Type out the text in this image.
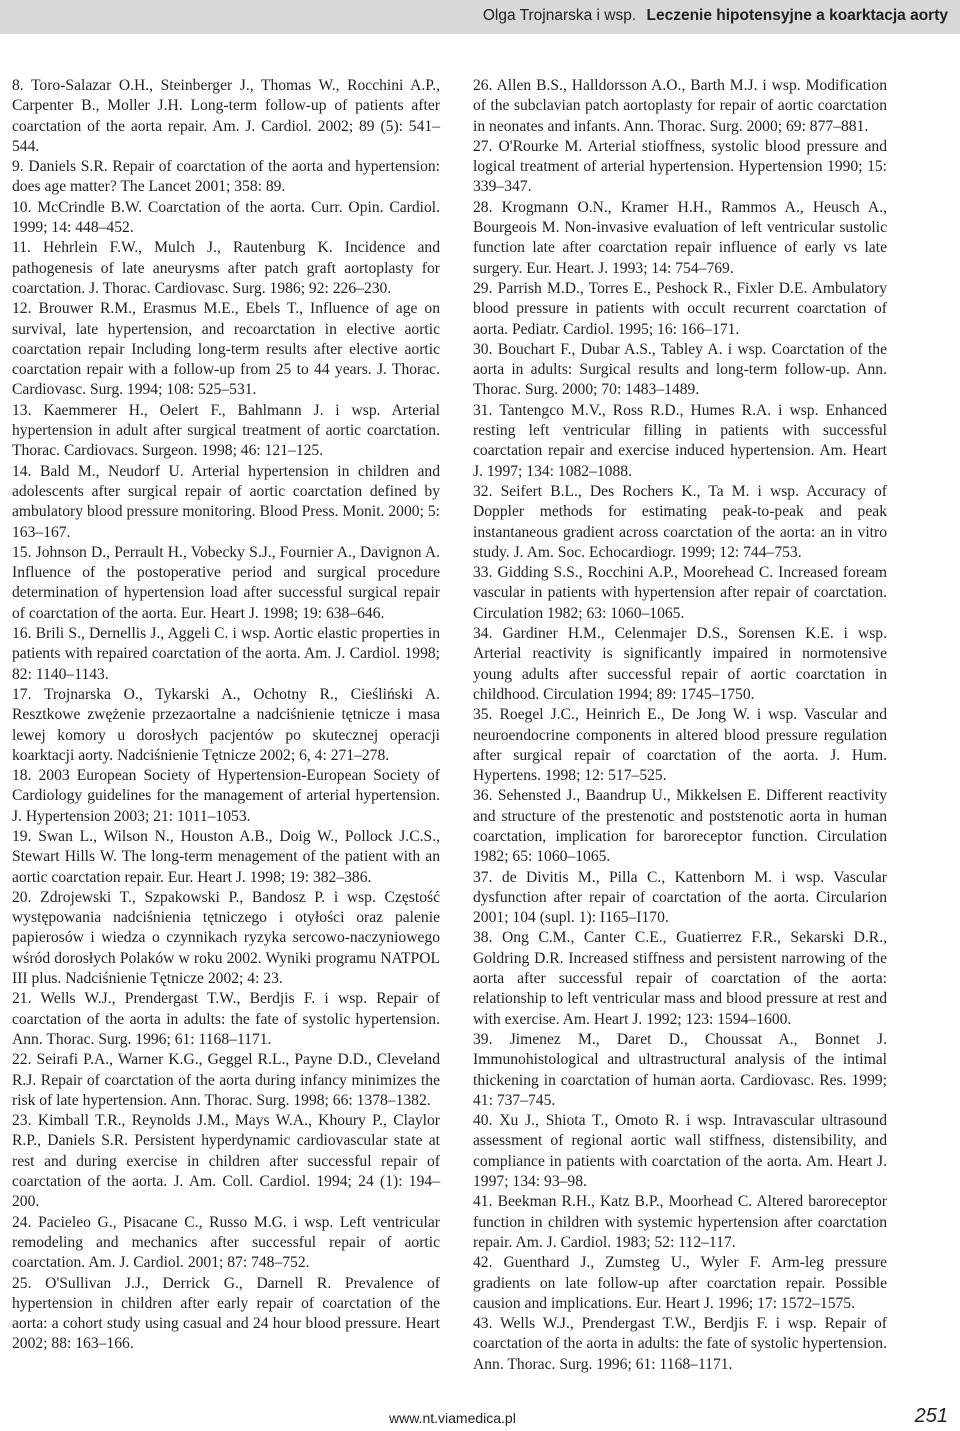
Olga Trojnarska i wsp. Leczenie hipotensyjne a koarktacja aorty

8. Toro-Salazar O.H., Steinberger J., Thomas W., Rocchini A.P., Carpenter B., Moller J.H. Long-term follow-up of patients after coarctation of the aorta repair. Am. J. Cardiol. 2002; 89 (5): 541–544.

9. Daniels S.R. Repair of coarctation of the aorta and hypertension: does age matter? The Lancet 2001; 358: 89.

10. McCrindle B.W. Coarctation of the aorta. Curr. Opin. Cardiol. 1999; 14: 448–452.

11. Hehrlein F.W., Mulch J., Rautenburg K. Incidence and pathogenesis of late aneurysms after patch graft aortoplasty for coarctation. J. Thorac. Cardiovasc. Surg. 1986; 92: 226–230.

12. Brouwer R.M., Erasmus M.E., Ebels T., Influence of age on survival, late hypertension, and recoarctation in elective aortic coarctation repair Including long-term results after elective aortic coarctation repair with a follow-up from 25 to 44 years. J. Thorac. Cardiovasc. Surg. 1994; 108: 525–531.

13. Kaemmerer H., Oelert F., Bahlmann J. i wsp. Arterial hypertension in adult after surgical treatment of aortic coarctation. Thorac. Cardiovacs. Surgeon. 1998; 46: 121–125.

14. Bald M., Neudorf U. Arterial hypertension in children and adolescents after surgical repair of aortic coarctation defined by ambulatory blood pressure monitoring. Blood Press. Monit. 2000; 5: 163–167.

15. Johnson D., Perrault H., Vobecky S.J., Fournier A., Davignon A. Influence of the postoperative period and surgical procedure determination of hypertension load after successful surgical repair of coarctation of the aorta. Eur. Heart J. 1998; 19: 638–646.

16. Brili S., Dernellis J., Aggeli C. i wsp. Aortic elastic properties in patients with repaired coarctation of the aorta. Am. J. Cardiol. 1998; 82: 1140–1143.

17. Trojnarska O., Tykarski A., Ochotny R., Cieśliński A. Resztkowe zwężenie przezaortalne a nadciśnienie tętnicze i masa lewej komory u dorosłych pacjentów po skutecznej operacji koarktacji aorty. Nadciśnienie Tętnicze 2002; 6, 4: 271–278.

18. 2003 European Society of Hypertension-European Society of Cardiology guidelines for the management of arterial hypertension. J. Hypertension 2003; 21: 1011–1053.

19. Swan L., Wilson N., Houston A.B., Doig W., Pollock J.C.S., Stewart Hills W. The long-term menagement of the patient with an aortic coarctation repair. Eur. Heart J. 1998; 19: 382–386.

20. Zdrojewski T., Szpakowski P., Bandosz P. i wsp. Częstość występowania nadciśnienia tętniczego i otyłości oraz palenie papierosów i wiedza o czynnikach ryzyka sercowo-naczyniowego wśród dorosłych Polaków w roku 2002. Wyniki programu NATPOL III plus. Nadciśnienie Tętnicze 2002; 4: 23.

21. Wells W.J., Prendergast T.W., Berdjis F. i wsp. Repair of coarctation of the aorta in adults: the fate of systolic hypertension. Ann. Thorac. Surg. 1996; 61: 1168–1171.

22. Seirafi P.A., Warner K.G., Geggel R.L., Payne D.D., Cleveland R.J. Repair of coarctation of the aorta during infancy minimizes the risk of late hypertension. Ann. Thorac. Surg. 1998; 66: 1378–1382.

23. Kimball T.R., Reynolds J.M., Mays W.A., Khoury P., Claylor R.P., Daniels S.R. Persistent hyperdynamic cardiovascular state at rest and during exercise in children after successful repair of coarctation of the aorta. J. Am. Coll. Cardiol. 1994; 24 (1): 194–200.

24. Pacieleo G., Pisacane C., Russo M.G. i wsp. Left ventricular remodeling and mechanics after successful repair of aortic coarctation. Am. J. Cardiol. 2001; 87: 748–752.

25. O'Sullivan J.J., Derrick G., Darnell R. Prevalence of hypertension in children after early repair of coarctation of the aorta: a cohort study using casual and 24 hour blood pressure. Heart 2002; 88: 163–166.

26. Allen B.S., Halldorsson A.O., Barth M.J. i wsp. Modification of the subclavian patch aortoplasty for repair of aortic coarctation in neonates and infants. Ann. Thorac. Surg. 2000; 69: 877–881.

27. O'Rourke M. Arterial stioffness, systolic blood pressure and logical treatment of arterial hypertension. Hypertension 1990; 15: 339–347.

28. Krogmann O.N., Kramer H.H., Rammos A., Heusch A., Bourgeois M. Non-invasive evaluation of left ventricular sustolic function late after coarctation repair influence of early vs late surgery. Eur. Heart. J. 1993; 14: 754–769.

29. Parrish M.D., Torres E., Peshock R., Fixler D.E. Ambulatory blood pressure in patients with occult recurrent coarctation of aorta. Pediatr. Cardiol. 1995; 16: 166–171.

30. Bouchart F., Dubar A.S., Tabley A. i wsp. Coarctation of the aorta in adults: Surgical results and long-term follow-up. Ann. Thorac. Surg. 2000; 70: 1483–1489.

31. Tantengco M.V., Ross R.D., Humes R.A. i wsp. Enhanced resting left ventricular filling in patients with successful coarctation repair and exercise induced hypertension. Am. Heart J. 1997; 134: 1082–1088.

32. Seifert B.L., Des Rochers K., Ta M. i wsp. Accuracy of Doppler methods for estimating peak-to-peak and peak instantaneous gradient across coarctation of the aorta: an in vitro study. J. Am. Soc. Echocardiogr. 1999; 12: 744–753.

33. Gidding S.S., Rocchini A.P., Moorehead C. Increased foream vascular in patients with hypertension after repair of coarctation. Circulation 1982; 63: 1060–1065.

34. Gardiner H.M., Celenmajer D.S., Sorensen K.E. i wsp. Arterial reactivity is significantly impaired in normotensive young adults after successful repair of aortic coarctation in childhood. Circulation 1994; 89: 1745–1750.

35. Roegel J.C., Heinrich E., De Jong W. i wsp. Vascular and neuroendocrine components in altered blood pressure regulation after surgical repair of coarctation of the aorta. J. Hum. Hypertens. 1998; 12: 517–525.

36. Sehensted J., Baandrup U., Mikkelsen E. Different reactivity and structure of the prestenotic and poststenotic aorta in human coarctation, implication for baroreceptor function. Circulation 1982; 65: 1060–1065.

37. de Divitis M., Pilla C., Kattenborn M. i wsp. Vascular dysfunction after repair of coarctation of the aorta. Circularion 2001; 104 (supl. 1): I165–I170.

38. Ong C.M., Canter C.E., Guatierrez F.R., Sekarski D.R., Goldring D.R. Increased stiffness and persistent narrowing of the aorta after successful repair of coarctation of the aorta: relationship to left ventricular mass and blood pressure at rest and with exercise. Am. Heart J. 1992; 123: 1594–1600.

39. Jimenez M., Daret D., Choussat A., Bonnet J. Immunohistological and ultrastructural analysis of the intimal thickening in coarctation of human aorta. Cardiovasc. Res. 1999; 41: 737–745.

40. Xu J., Shiota T., Omoto R. i wsp. Intravascular ultrasound assessment of regional aortic wall stiffness, distensibility, and compliance in patients with coarctation of the aorta. Am. Heart J. 1997; 134: 93–98.

41. Beekman R.H., Katz B.P., Moorhead C. Altered baroreceptor function in children with systemic hypertension after coarctation repair. Am. J. Cardiol. 1983; 52: 112–117.

42. Guenthard J., Zumsteg U., Wyler F. Arm-leg pressure gradients on late follow-up after coarctation repair. Possible causion and implications. Eur. Heart J. 1996; 17: 1572–1575.

43. Wells W.J., Prendergast T.W., Berdjis F. i wsp. Repair of coarctation of the aorta in adults: the fate of systolic hypertension. Ann. Thorac. Surg. 1996; 61: 1168–1171.

www.nt.viamedica.pl	251
